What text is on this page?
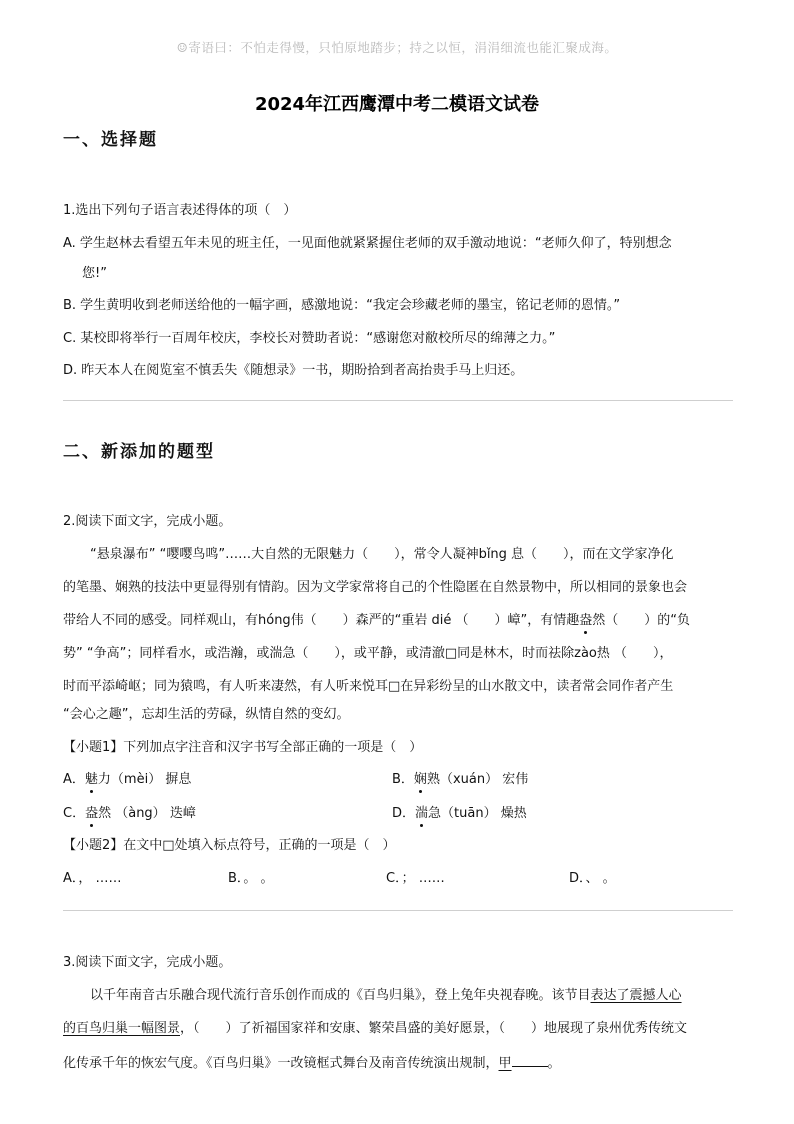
☺寄语曰：不怕走得慢，只怕原地踏步；持之以恒，涓涓细流也能汇聚成海。
2024年江西鹰潭中考二模语文试卷
一、选择题
1.选出下列句子语言表述得体的项（　）
A. 学生赵林去看望五年未见的班主任，一见面他就紧紧握住老师的双手激动地说：“老师久仰了，特别想念
您!”
B. 学生黄明收到老师送给他的一幅字画，感激地说：“我定会珍藏老师的墨宝，铭记老师的恩情。”
C. 某校即将举行一百周年校庆，李校长对赞助者说：“感谢您对敝校所尽的绵薄之力。”
D. 昨天本人在阅览室不慎丢失《随想录》一书，期盼拾到者高抬贵手马上归还。
二、新添加的题型
2.阅读下面文字，完成小题。
“悬泉瀑布” “嘤嘤鸟鸣”……大自然的无限魅力（　　），常令人凝神bǐng 息（　　），而在文学家净化
的笔墨、娴熟的技法中更显得别有情韵。因为文学家常将自己的个性隐匿在自然景物中，所以相同的景象也会
带给人不同的感受。同样观山，有hóng伟（　　）森严的“重岩 dié （　　）嶂”，有情趣盎然（　　）的“负
势” “争高”；同样看水，或浩瀚，或湍急（　　），或平静，或清澈□同是林木，时而祛除zào热 （　　），
时而平添崎岖；同为猿鸣，有人听来凄然，有人听来悦耳□在异彩纷呈的山水散文中，读者常会同作者产生
“会心之趣”，忘却生活的劳碌，纵情自然的变幻。
【小题1】下列加点字注音和汉字书写全部正确的一项是（　）
A．魅力（mèi） 摒息	B．娴熟（xuán） 宏伟
C．盎然 （àng） 迭嶂	D．湍急（tuān） 燥热
【小题2】在文中□处填入标点符号，正确的一项是（　）
A．， ……	B．。 。	C．； ……	D．、 。
3.阅读下面文字，完成小题。
以千年南音古乐融合现代流行音乐创作而成的《百鸟归巢》，登上兔年央视春晚。该节目表达了震撼人心
的百鸟归巢一幅图景，（　　）了祈福国家祥和安康、繁荣昌盛的美好愿景，（　　）地展现了泉州优秀传统文
化传承千年的恢宏气度。《百鸟归巢》一改镜框式舞台及南音传统演出规制，甲	。
